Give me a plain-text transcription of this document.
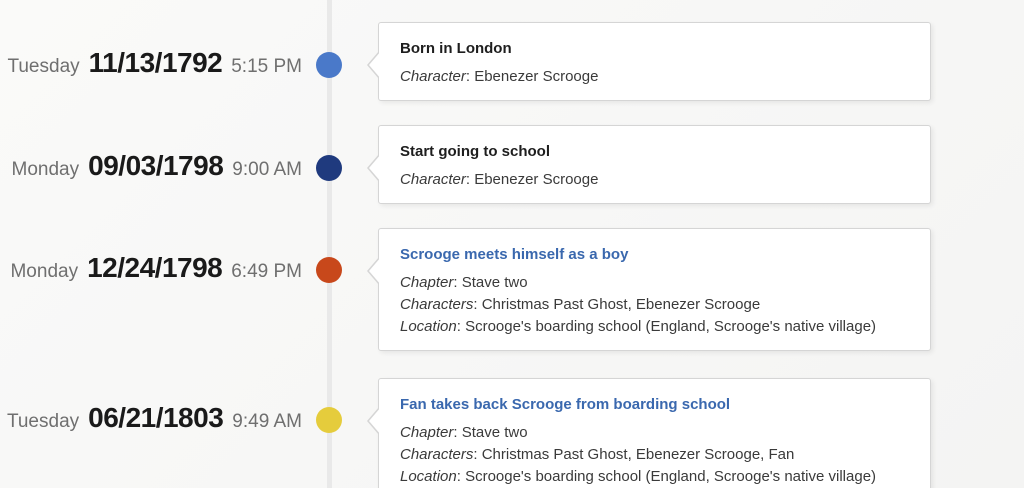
Tuesday 11/13/1792 5:15 PM
Born in London
Character: Ebenezer Scrooge
Monday 09/03/1798 9:00 AM
Start going to school
Character: Ebenezer Scrooge
Monday 12/24/1798 6:49 PM
Scrooge meets himself as a boy
Chapter: Stave two
Characters: Christmas Past Ghost, Ebenezer Scrooge
Location: Scrooge's boarding school (England, Scrooge's native village)
Tuesday 06/21/1803 9:49 AM
Fan takes back Scrooge from boarding school
Chapter: Stave two
Characters: Christmas Past Ghost, Ebenezer Scrooge, Fan
Location: Scrooge's boarding school (England, Scrooge's native village)
